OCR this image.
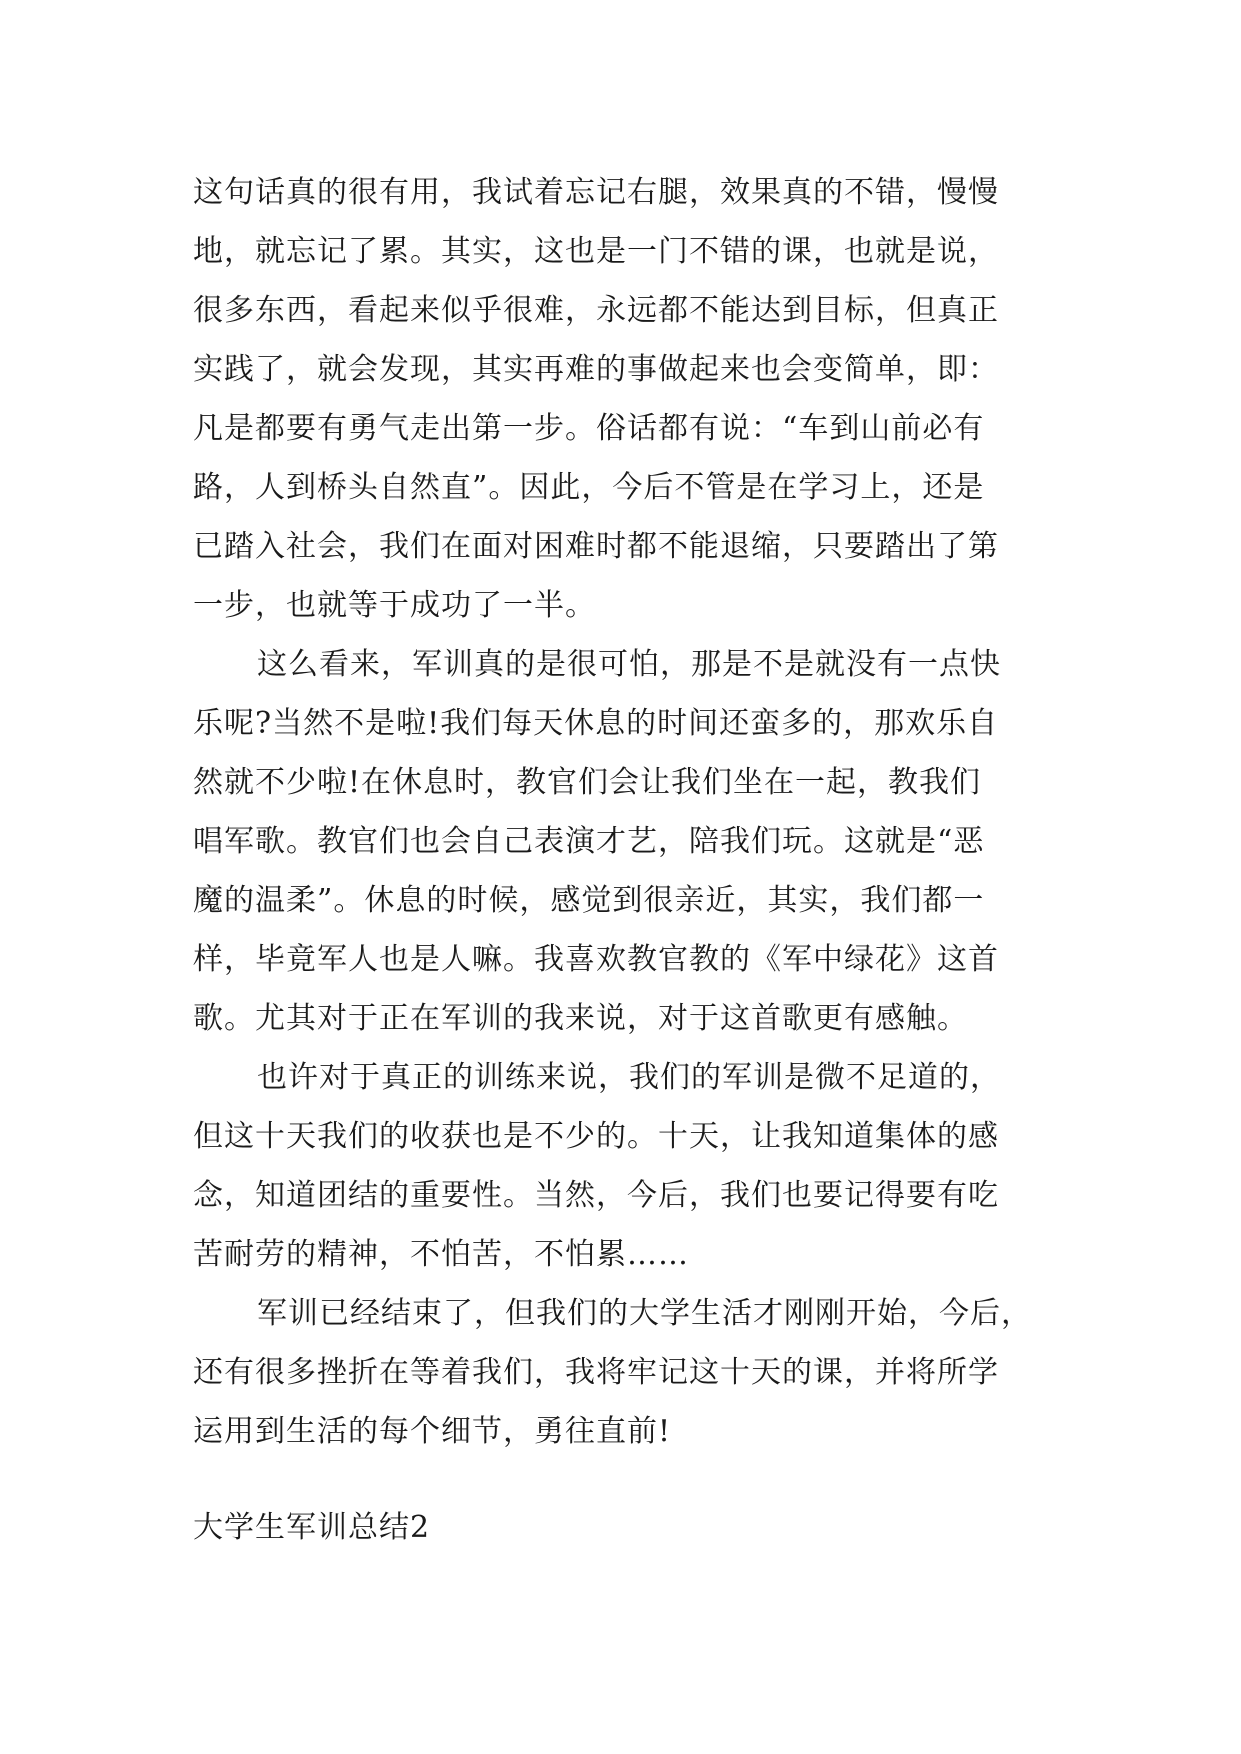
这句话真的很有用，我试着忘记右腿，效果真的不错，慢慢
地，就忘记了累。其实，这也是一门不错的课，也就是说，
很多东西，看起来似乎很难，永远都不能达到目标，但真正
实践了，就会发现，其实再难的事做起来也会变简单，即：
凡是都要有勇气走出第一步。俗话都有说：“车到山前必有
路，人到桥头自然直”。因此，今后不管是在学习上，还是
已踏入社会，我们在面对困难时都不能退缩，只要踏出了第
一步，也就等于成功了一半。
这么看来，军训真的是很可怕，那是不是就没有一点快
乐呢?当然不是啦!我们每天休息的时间还蛮多的，那欢乐自
然就不少啦!在休息时，教官们会让我们坐在一起，教我们
唱军歌。教官们也会自己表演才艺，陪我们玩。这就是“恶
魔的温柔”。休息的时候，感觉到很亲近，其实，我们都一
样，毕竟军人也是人嘛。我喜欢教官教的《军中绿花》这首
歌。尤其对于正在军训的我来说，对于这首歌更有感触。
也许对于真正的训练来说，我们的军训是微不足道的，
但这十天我们的收获也是不少的。十天，让我知道集体的感
念，知道团结的重要性。当然，今后，我们也要记得要有吃
苦耐劳的精神，不怕苦，不怕累……
军训已经结束了，但我们的大学生活才刚刚开始，今后，
还有很多挫折在等着我们，我将牢记这十天的课，并将所学
运用到生活的每个细节，勇往直前!
大学生军训总结2
